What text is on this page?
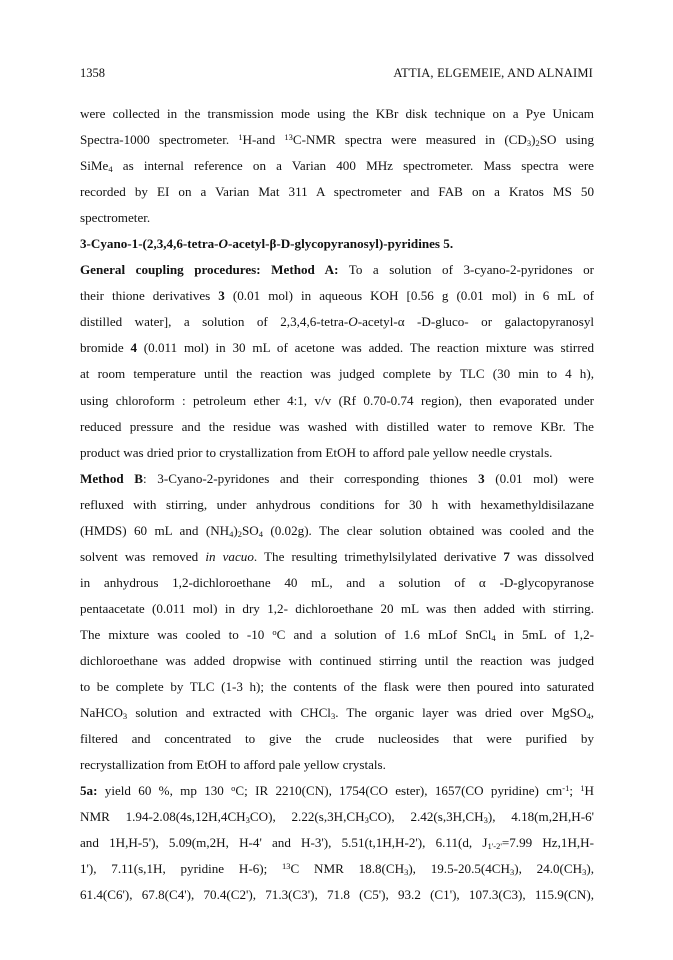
1358	ATTIA, ELGEMEIE, AND ALNAIMI
were collected in the transmission mode using the KBr disk technique on a Pye Unicam
Spectra-1000 spectrometer. $^1$H-and $^{13}$C-NMR spectra were measured in $(CD_3)_2SO$ using
SiMe$_4$ as internal reference on a Varian 400 MHz spectrometer. Mass spectra were
recorded by EI on a Varian Mat 311 A spectrometer and FAB on a Kratos MS 50
spectrometer.
3-Cyano-1-(2,3,4,6-tetra-O-acetyl-β-D-glycopyranosyl)-pyridines 5.
General coupling procedures: Method A: To a solution of 3-cyano-2-pyridones or
their thione derivatives 3 (0.01 mol) in aqueous KOH [0.56 g (0.01 mol) in 6 mL of
distilled water], a solution of 2,3,4,6-tetra-O-acetyl-α -D-gluco- or galactopyranosyl
bromide 4 (0.011 mol) in 30 mL of acetone was added. The reaction mixture was stirred
at room temperature until the reaction was judged complete by TLC (30 min to 4 h),
using chloroform : petroleum ether 4:1, v/v (Rf 0.70-0.74 region), then evaporated under
reduced pressure and the residue was washed with distilled water to remove KBr. The
product was dried prior to crystallization from EtOH to afford pale yellow needle crystals.
Method B: 3-Cyano-2-pyridones and their corresponding thiones 3 (0.01 mol) were
refluxed with stirring, under anhydrous conditions for 30 h with hexamethyldisilazane
(HMDS) 60 mL and $(NH_4)_2SO_4$ (0.02g). The clear solution obtained was cooled and the
solvent was removed in vacuo. The resulting trimethylsilylated derivative 7 was dissolved
in anhydrous 1,2-dichloroethane 40 mL, and a solution of α -D-glycopyranose
pentaacetate (0.011 mol) in dry 1,2- dichloroethane 20 mL was then added with stirring.
The mixture was cooled to -10 $^o$C and a solution of 1.6 mLof SnCl$_4$ in 5mL of 1,2-
dichloroethane was added dropwise with continued stirring until the reaction was judged
to be complete by TLC (1-3 h); the contents of the flask were then poured into saturated
NaHCO$_3$ solution and extracted with CHCl$_3$. The organic layer was dried over MgSO$_4$,
filtered and concentrated to give the crude nucleosides that were purified by
recrystallization from EtOH to afford pale yellow crystals.
5a: yield 60 %, mp 130 $^o$C; IR 2210(CN), 1754(CO ester), 1657(CO pyridine) $cm^{-1}$; $^1$H
NMR $1.94-2.08(4s,12H,4CH_3CO)$, $2.22(s,3H,CH_3CO)$, $2.42(s,3H,CH_3)$, 4.18(m,2H,H-6'
and 1H,H-5'), 5.09(m,2H, H-4' and H-3'), 5.51(t,1H,H-2'), 6.11(d, $J_{1'-2'}=7.99$ Hz,1H,H-
1'), 7.11(s,1H, pyridine H-6); $^{13}$C NMR $18.8(CH_3)$, $19.5-20.5(4CH_3)$, $24.0(CH_3)$,
61.4(C6'), 67.8(C4'), 70.4(C2'), 71.3(C3'), 71.8 (C5'), 93.2 (C1'), 107.3(C3), 115.9(CN),
